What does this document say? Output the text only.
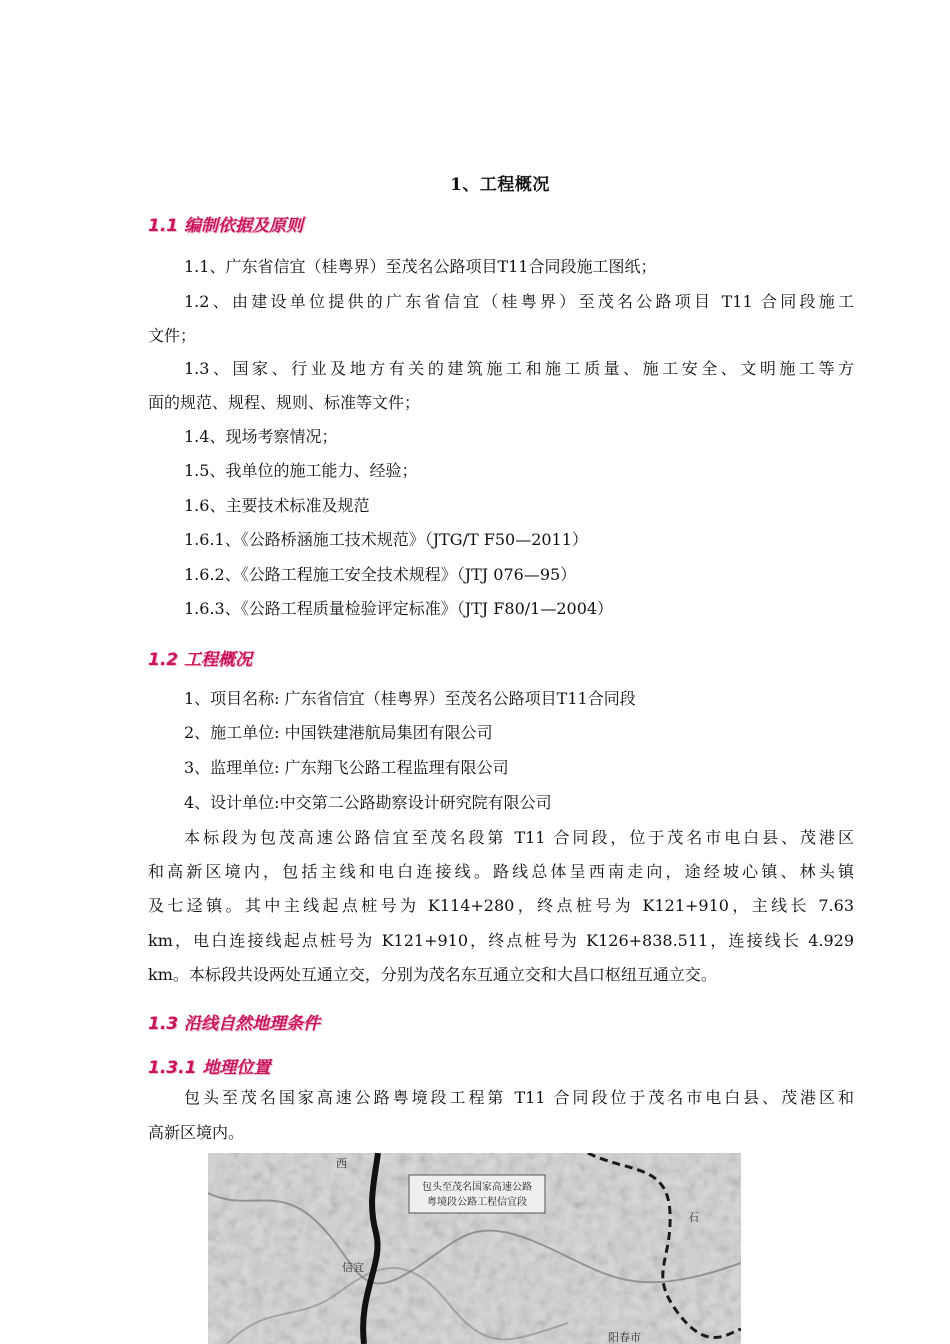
1、工程概况
1.1 编制依据及原则
1.1、广东省信宜（桂粤界）至茂名公路项目T11合同段施工图纸；
1.2、由建设单位提供的广东省信宜（桂粤界）至茂名公路项目 T11 合同段施工
文件；
1.3、国家、行业及地方有关的建筑施工和施工质量、施工安全、文明施工等方
面的规范、规程、规则、标准等文件；
1.4、现场考察情况；
1.5、我单位的施工能力、经验；
1.6、主要技术标准及规范
1.6.1、《公路桥涵施工技术规范》（JTG/T F50—2011）
1.6.2、《公路工程施工安全技术规程》（JTJ 076—95）
1.6.3、《公路工程质量检验评定标准》（JTJ F80/1—2004）
1.2 工程概况
1、项目名称: 广东省信宜（桂粤界）至茂名公路项目T11合同段
2、施工单位: 中国铁建港航局集团有限公司
3、监理单位: 广东翔飞公路工程监理有限公司
4、设计单位:中交第二公路勘察设计研究院有限公司
本标段为包茂高速公路信宜至茂名段第 T11 合同段，位于茂名市电白县、茂港区
和高新区境内，包括主线和电白连接线。路线总体呈西南走向，途经坡心镇、林头镇
及七迳镇。其中主线起点桩号为 K114+280，终点桩号为 K121+910，主线长 7.63
km，电白连接线起点桩号为 K121+910，终点桩号为 K126+838.511，连接线长 4.929
km。本标段共设两处互通立交，分别为茂名东互通立交和大昌口枢纽互通立交。
1.3 沿线自然地理条件
1.3.1 地理位置
包头至茂名国家高速公路粤境段工程第 T11 合同段位于茂名市电白县、茂港区和
高新区境内。
包头至茂名国家高速公路
粤境段公路工程信宜段
西
信宜
阳春市
石
